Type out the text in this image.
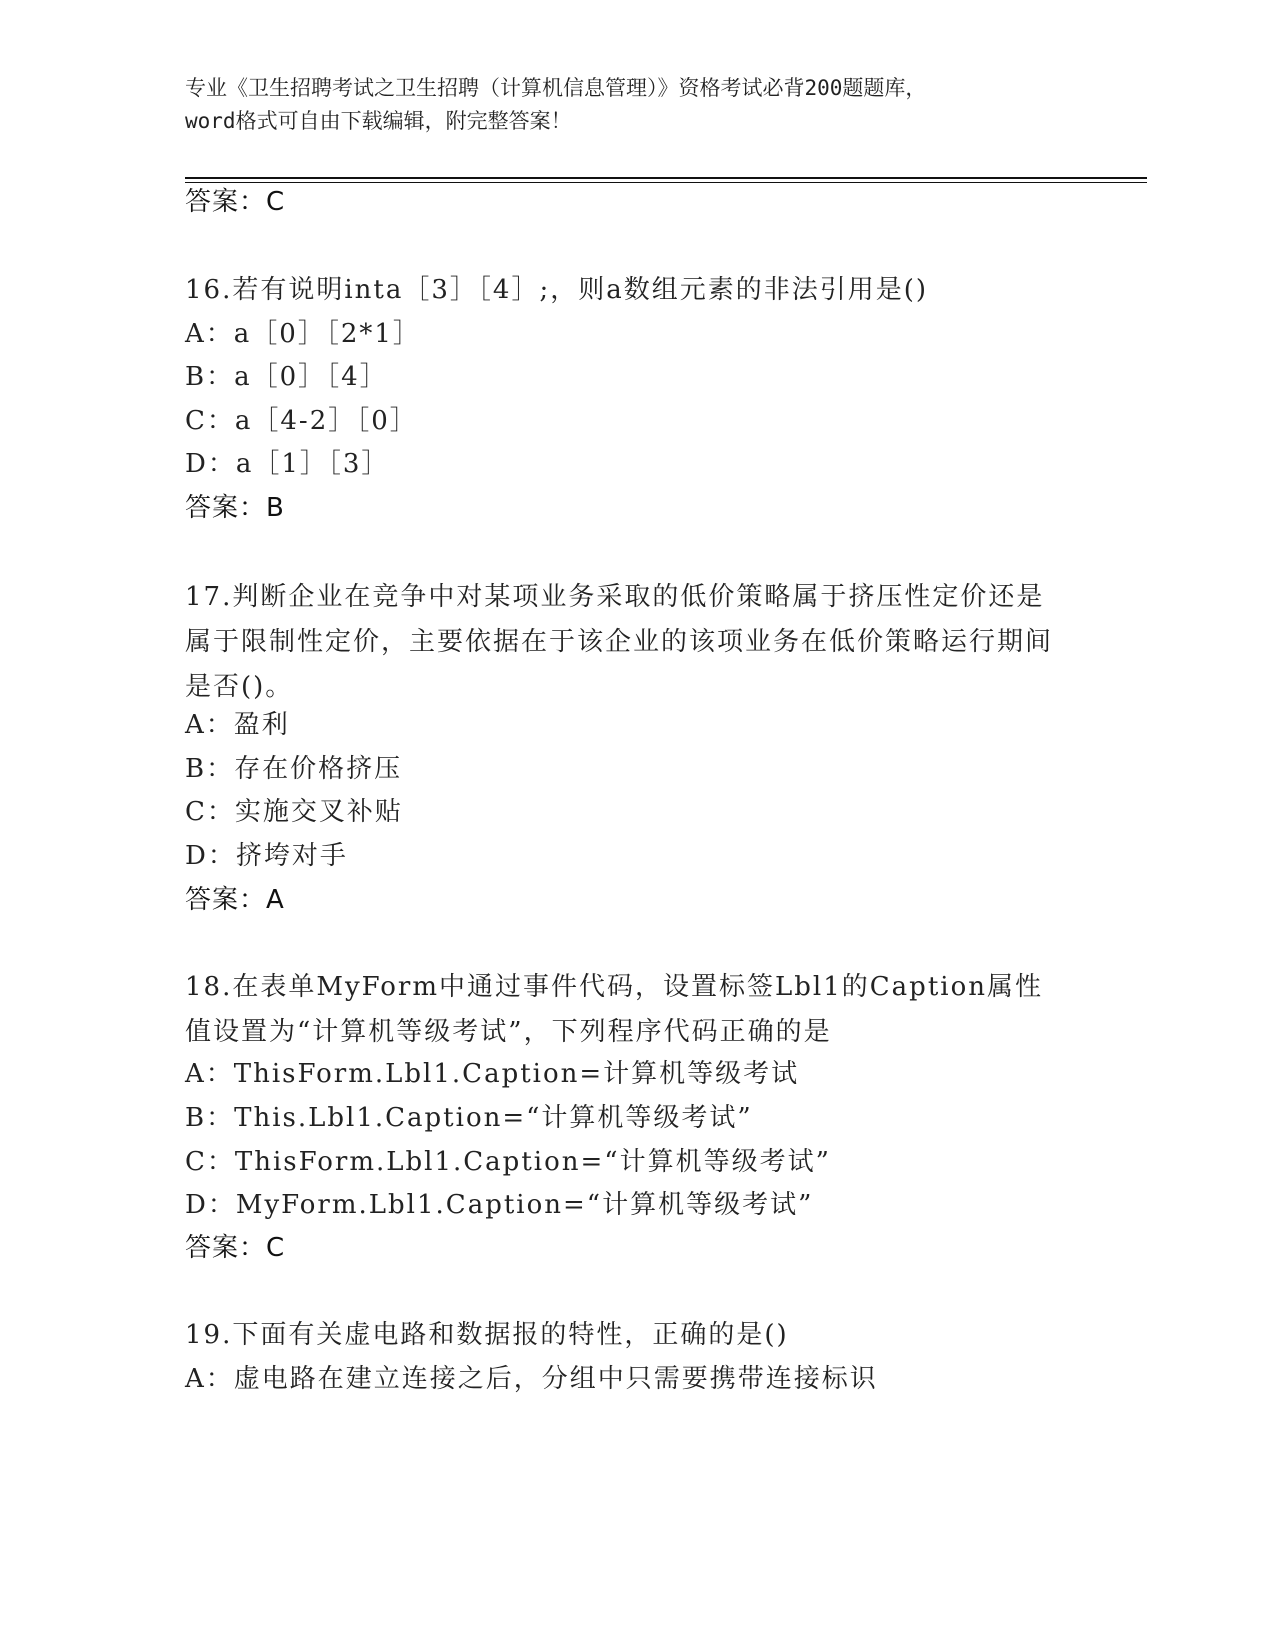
专业《卫生招聘考试之卫生招聘（计算机信息管理）》资格考试必背200题题库，
word格式可自由下载编辑，附完整答案！
答案：C
16.若有说明inta［3］［4］;，则a数组元素的非法引用是()
A：a［0］［2*1］
B：a［0］［4］
C：a［4-2］［0］
D：a［1］［3］
答案：B
17.判断企业在竞争中对某项业务采取的低价策略属于挤压性定价还是属于限制性定价，主要依据在于该企业的该项业务在低价策略运行期间是否()。
A：盈利
B：存在价格挤压
C：实施交叉补贴
D：挤垮对手
答案：A
18.在表单MyForm中通过事件代码，设置标签Lbl1的Caption属性值设置为“计算机等级考试”，下列程序代码正确的是
A：ThisForm.Lbl1.Caption=计算机等级考试
B：This.Lbl1.Caption=“计算机等级考试”
C：ThisForm.Lbl1.Caption=“计算机等级考试”
D：MyForm.Lbl1.Caption=“计算机等级考试”
答案：C
19.下面有关虚电路和数据报的特性，正确的是()
A：虚电路在建立连接之后，分组中只需要携带连接标识
